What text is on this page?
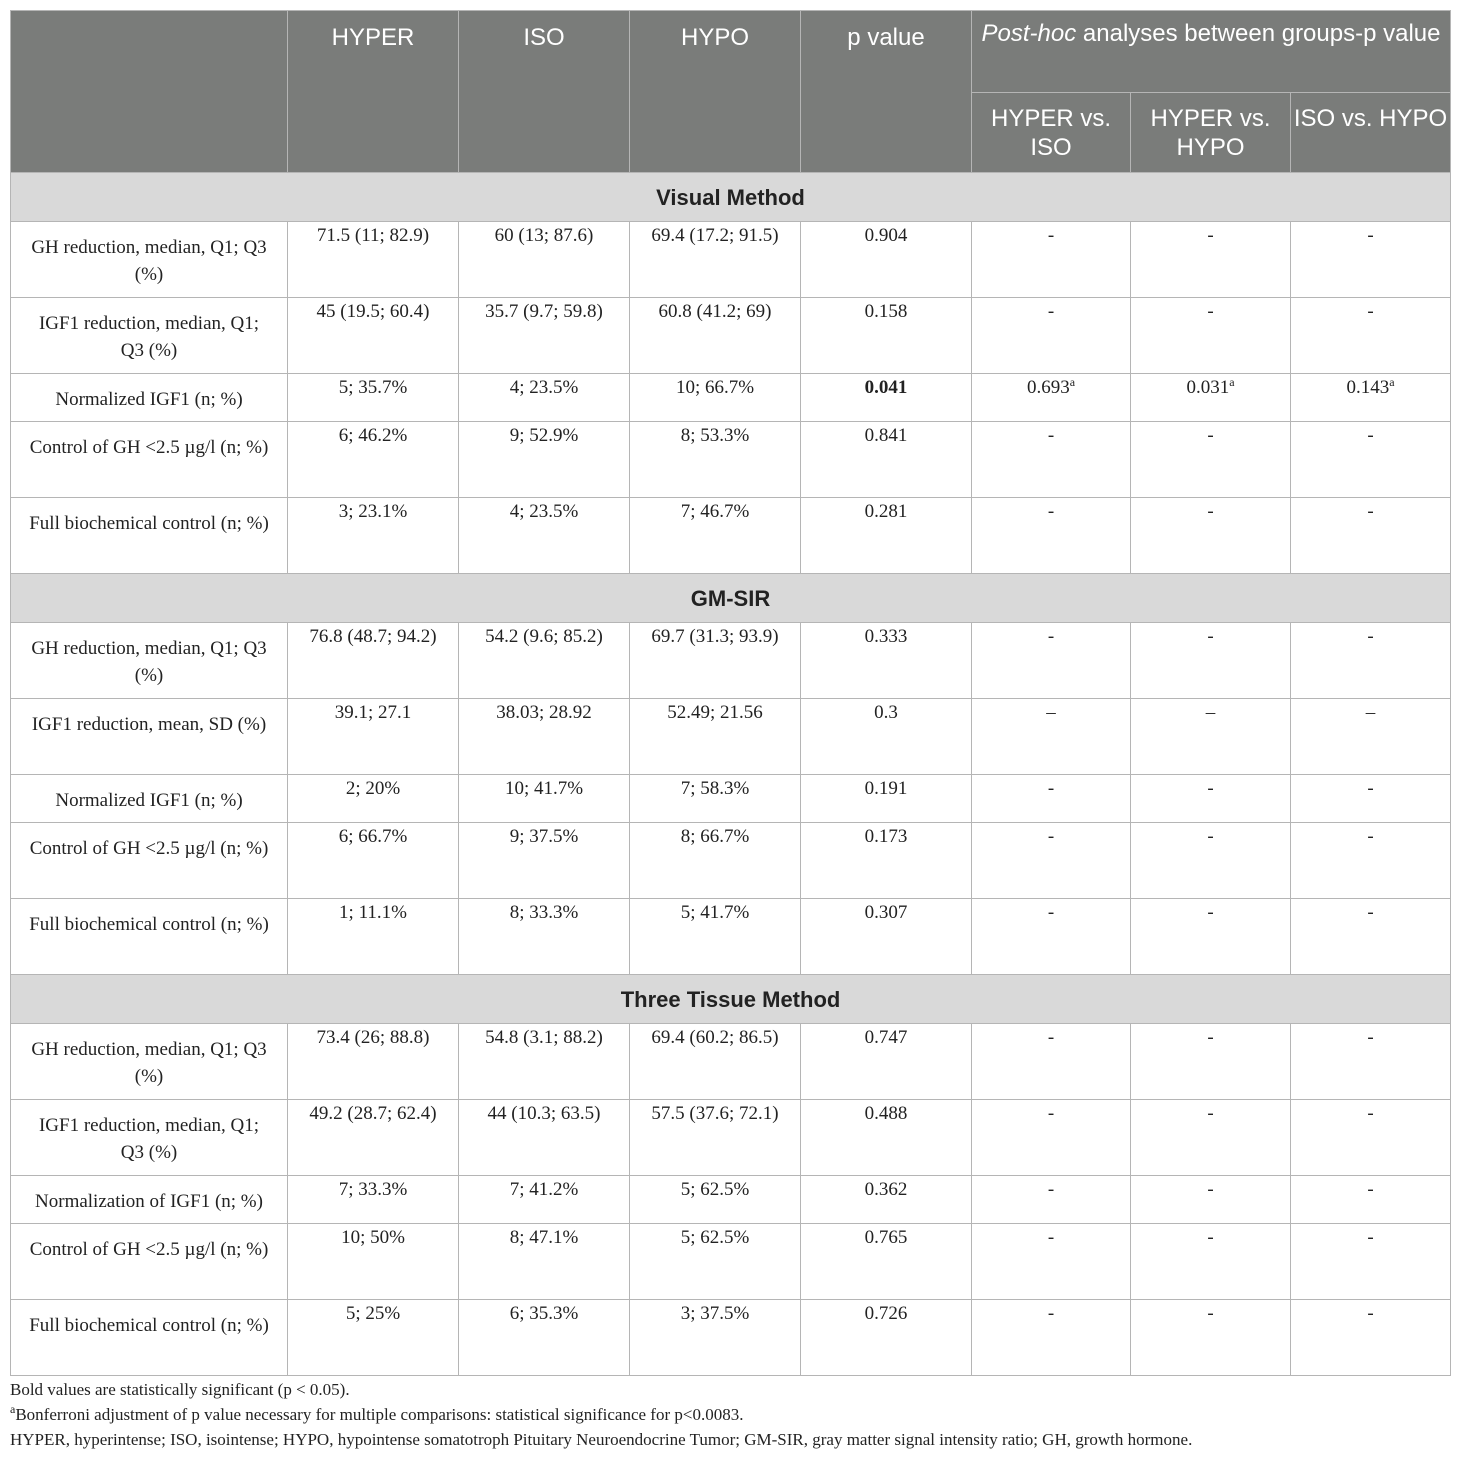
	HYPER	ISO	HYPO	p value	Post-hoc analyses between groups-p value		
					HYPER vs. ISO	HYPER vs. HYPO	ISO vs. HYPO
Visual Method							
GH reduction, median, Q1; Q3 (%)	71.5 (11; 82.9)	60 (13; 87.6)	69.4 (17.2; 91.5)	0.904	-	-	-
IGF1 reduction, median, Q1; Q3 (%)	45 (19.5; 60.4)	35.7 (9.7; 59.8)	60.8 (41.2; 69)	0.158	-	-	-
Normalized IGF1 (n; %)	5; 35.7%	4; 23.5%	10; 66.7%	0.041	0.693$^a$	0.031$^a$	0.143$^a$
Control of GH <2.5 µg/l (n; %)	6; 46.2%	9; 52.9%	8; 53.3%	0.841	-	-	-
Full biochemical control (n; %)	3; 23.1%	4; 23.5%	7; 46.7%	0.281	-	-	-
GM-SIR							
GH reduction, median, Q1; Q3 (%)	76.8 (48.7; 94.2)	54.2 (9.6; 85.2)	69.7 (31.3; 93.9)	0.333	-	-	-
IGF1 reduction, mean, SD (%)	39.1; 27.1	38.03; 28.92	52.49; 21.56	0.3	–	–	–
Normalized IGF1 (n; %)	2; 20%	10; 41.7%	7; 58.3%	0.191	-	-	-
Control of GH <2.5 µg/l (n; %)	6; 66.7%	9; 37.5%	8; 66.7%	0.173	-	-	-
Full biochemical control (n; %)	1; 11.1%	8; 33.3%	5; 41.7%	0.307	-	-	-
Three Tissue Method							
GH reduction, median, Q1; Q3 (%)	73.4 (26; 88.8)	54.8 (3.1; 88.2)	69.4 (60.2; 86.5)	0.747	-	-	-
IGF1 reduction, median, Q1; Q3 (%)	49.2 (28.7; 62.4)	44 (10.3; 63.5)	57.5 (37.6; 72.1)	0.488	-	-	-
Normalization of IGF1 (n; %)	7; 33.3%	7; 41.2%	5; 62.5%	0.362	-	-	-
Control of GH <2.5 µg/l (n; %)	10; 50%	8; 47.1%	5; 62.5%	0.765	-	-	-
Full biochemical control (n; %)	5; 25%	6; 35.3%	3; 37.5%	0.726	-	-	-

Bold values are statistically significant (p < 0.05).

$^a$Bonferroni adjustment of p value necessary for multiple comparisons: statistical significance for p<0.0083.

HYPER, hyperintense; ISO, isointense; HYPO, hypointense somatotroph Pituitary Neuroendocrine Tumor; GM-SIR, gray matter signal intensity ratio; GH, growth hormone.
